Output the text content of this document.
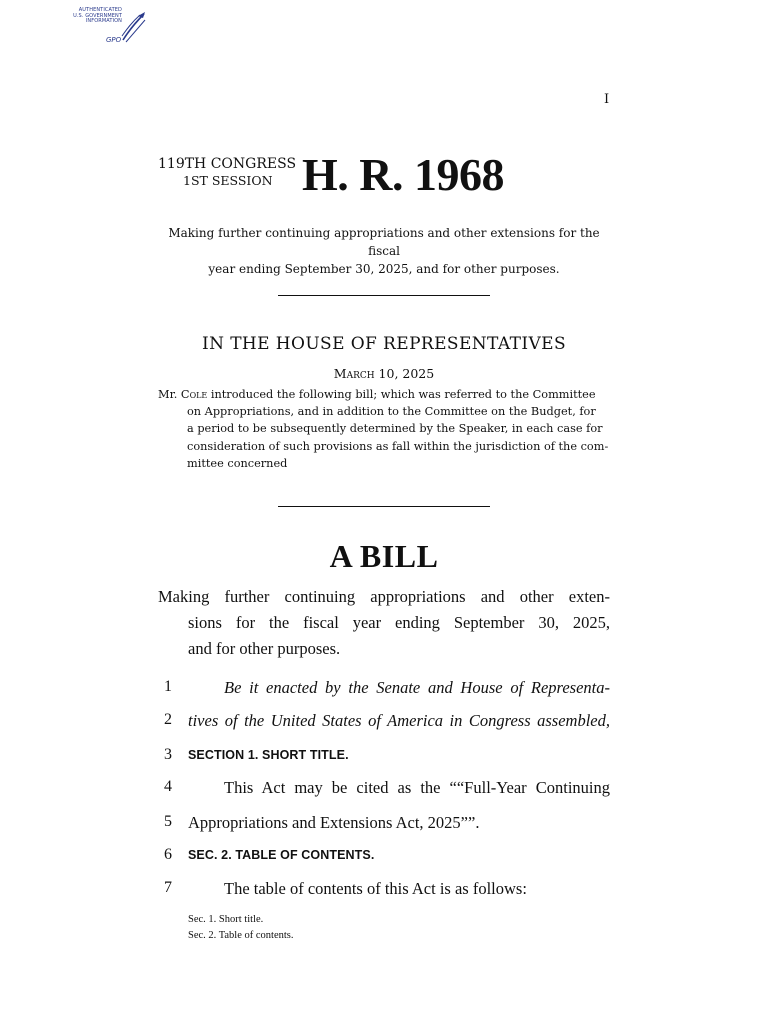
AUTHENTICATED
U.S. GOVERNMENT
INFORMATION
GPO
I
119TH CONGRESS
1ST SESSION H. R. 1968
Making further continuing appropriations and other extensions for the fiscal
year ending September 30, 2025, and for other purposes.
IN THE HOUSE OF REPRESENTATIVES
March 10, 2025
Mr. Cole introduced the following bill; which was referred to the Committee
on Appropriations, and in addition to the Committee on the Budget, for
a period to be subsequently determined by the Speaker, in each case for
consideration of such provisions as fall within the jurisdiction of the com-
mittee concerned
A BILL
Making further continuing appropriations and other exten-
sions for the fiscal year ending September 30, 2025,
and for other purposes.
1	Be it enacted by the Senate and House of Representa-
2 tives of the United States of America in Congress assembled,
3	SECTION 1. SHORT TITLE.
4	This Act may be cited as the ““Full-Year Continuing
5 Appropriations and Extensions Act, 2025””.
6	SEC. 2. TABLE OF CONTENTS.
7	The table of contents of this Act is as follows:
Sec. 1. Short title.
Sec. 2. Table of contents.
